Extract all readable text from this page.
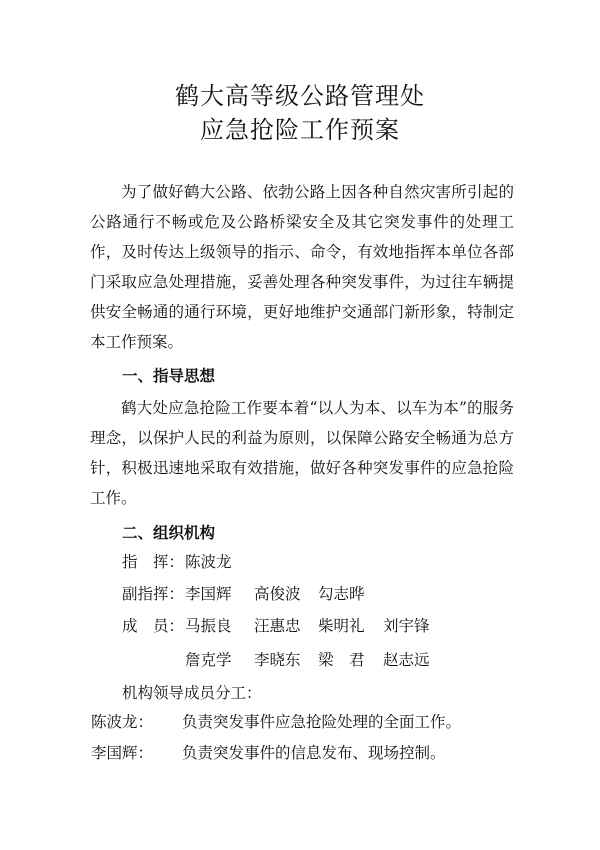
鹤大高等级公路管理处
应急抢险工作预案

为了做好鹤大公路、依勃公路上因各种自然灾害所引起的公路通行不畅或危及公路桥梁安全及其它突发事件的处理工作，及时传达上级领导的指示、命令，有效地指挥本单位各部门采取应急处理措施，妥善处理各种突发事件，为过往车辆提供安全畅通的通行环境，更好地维护交通部门新形象，特制定本工作预案。

一、指导思想

鹤大处应急抢险工作要本着“以人为本、以车为本”的服务理念，以保护人民的利益为原则，以保障公路安全畅通为总方针，积极迅速地采取有效措施，做好各种突发事件的应急抢险工作。

二、组织机构
指　挥： 陈波龙
副指挥： 李国辉 高俊波 勾志晔
成　员： 马振良 汪惠忠 柴明礼 刘宇锋
詹克学 李晓东 梁　君 赵志远
机构领导成员分工：
陈波龙： 负责突发事件应急抢险处理的全面工作。
李国辉： 负责突发事件的信息发布、现场控制。
